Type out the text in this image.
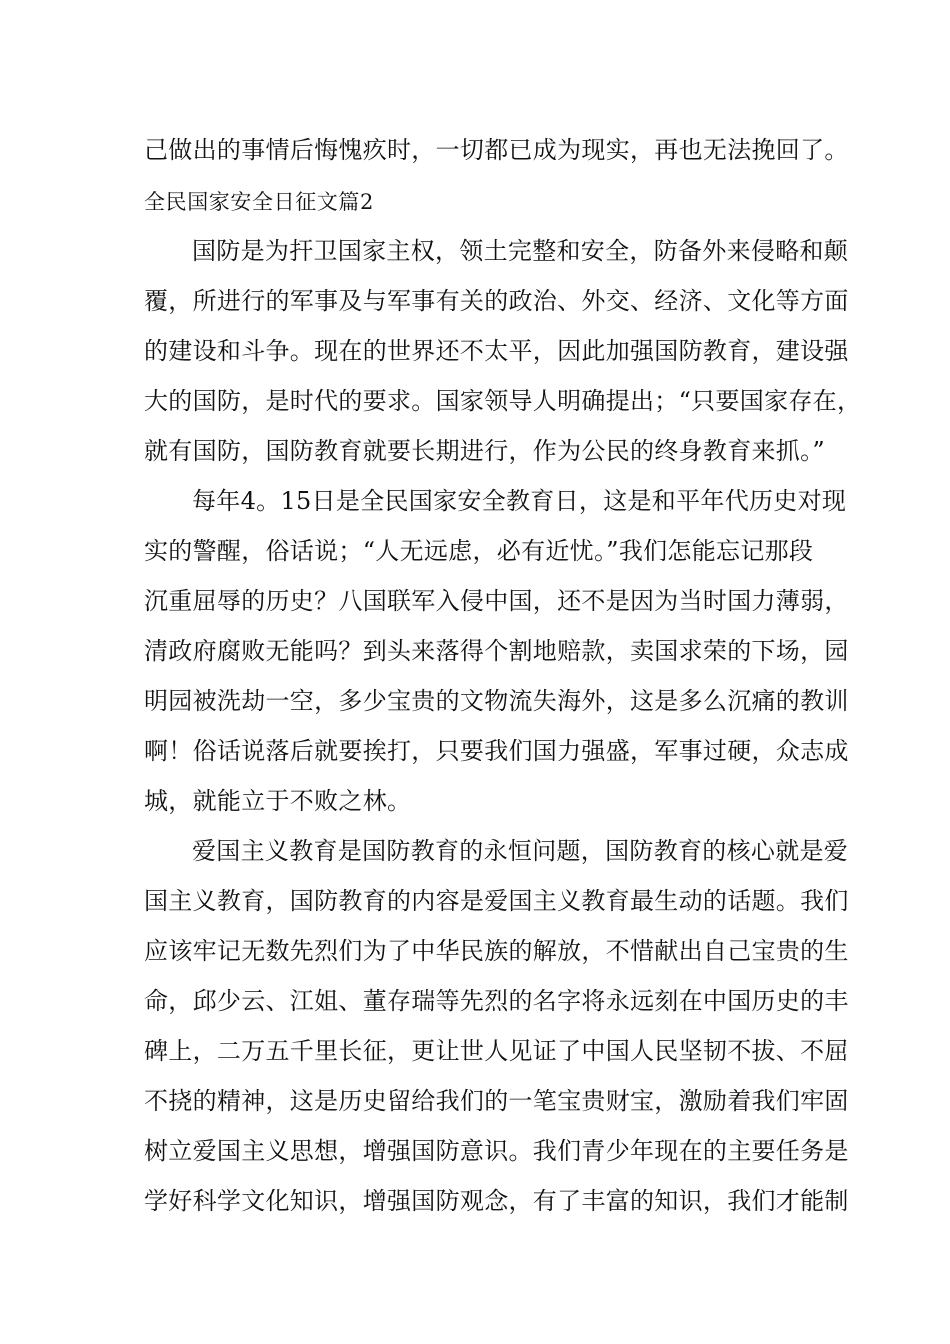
己做出的事情后悔愧疚时，一切都已成为现实，再也无法挽回了。
全民国家安全日征文篇2
国防是为扞卫国家主权，领土完整和安全，防备外来侵略和颠
覆，所进行的军事及与军事有关的政治、外交、经济、文化等方面
的建设和斗争。现在的世界还不太平，因此加强国防教育，建设强
大的国防，是时代的要求。国家领导人明确提出；“只要国家存在，
就有国防，国防教育就要长期进行，作为公民的终身教育来抓。”
每年4。15日是全民国家安全教育日，这是和平年代历史对现
实的警醒，俗话说；“人无远虑，必有近忧。”我们怎能忘记那段
沉重屈辱的历史？八国联军入侵中国，还不是因为当时国力薄弱，
清政府腐败无能吗？到头来落得个割地赔款，卖国求荣的下场，园
明园被洗劫一空，多少宝贵的文物流失海外，这是多么沉痛的教训
啊！俗话说落后就要挨打，只要我们国力强盛，军事过硬，众志成
城，就能立于不败之林。
爱国主义教育是国防教育的永恒问题，国防教育的核心就是爱
国主义教育，国防教育的内容是爱国主义教育最生动的话题。我们
应该牢记无数先烈们为了中华民族的解放，不惜献出自己宝贵的生
命，邱少云、江姐、董存瑞等先烈的名字将永远刻在中国历史的丰
碑上，二万五千里长征，更让世人见证了中国人民坚韧不拔、不屈
不挠的精神，这是历史留给我们的一笔宝贵财宝，激励着我们牢固
树立爱国主义思想，增强国防意识。我们青少年现在的主要任务是
学好科学文化知识，增强国防观念，有了丰富的知识，我们才能制
